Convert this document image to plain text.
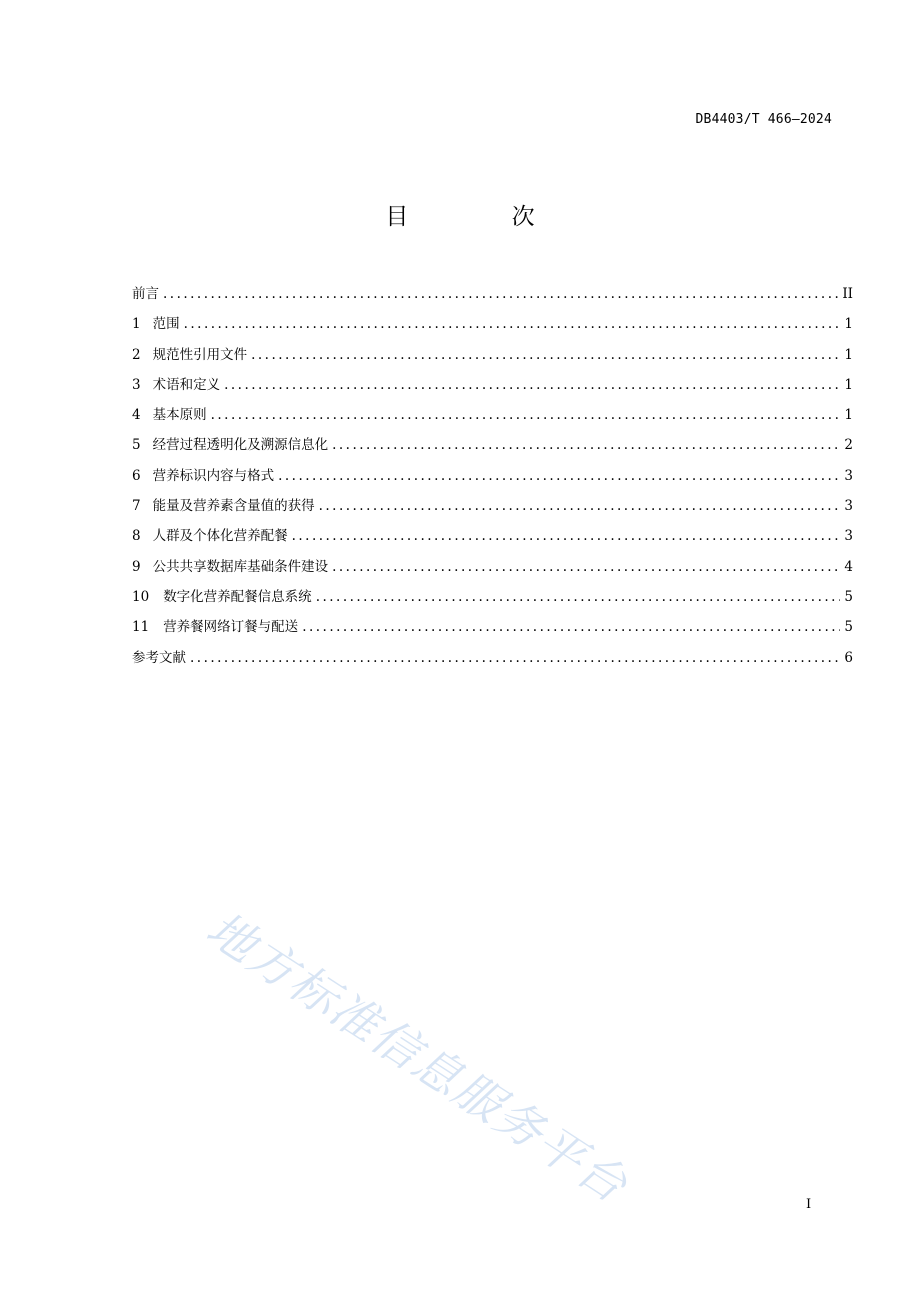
DB4403/T 466—2024
目 次
前言 . . .	II
1 范围 . . .	1
2 规范性引用文件 . . .	1
3 术语和定义 . . .	1
4 基本原则 . . .	1
5 经营过程透明化及溯源信息化 . . .	2
6 营养标识内容与格式 . . .	3
7 能量及营养素含量值的获得 . . .	3
8 人群及个体化营养配餐 . . .	3
9 公共共享数据库基础条件建设 . . .	4
10 数字化营养配餐信息系统 . . .	5
11 营养餐网络订餐与配送 . . .	5
参考文献 . . .	6
地方标准信息服务平台	I
